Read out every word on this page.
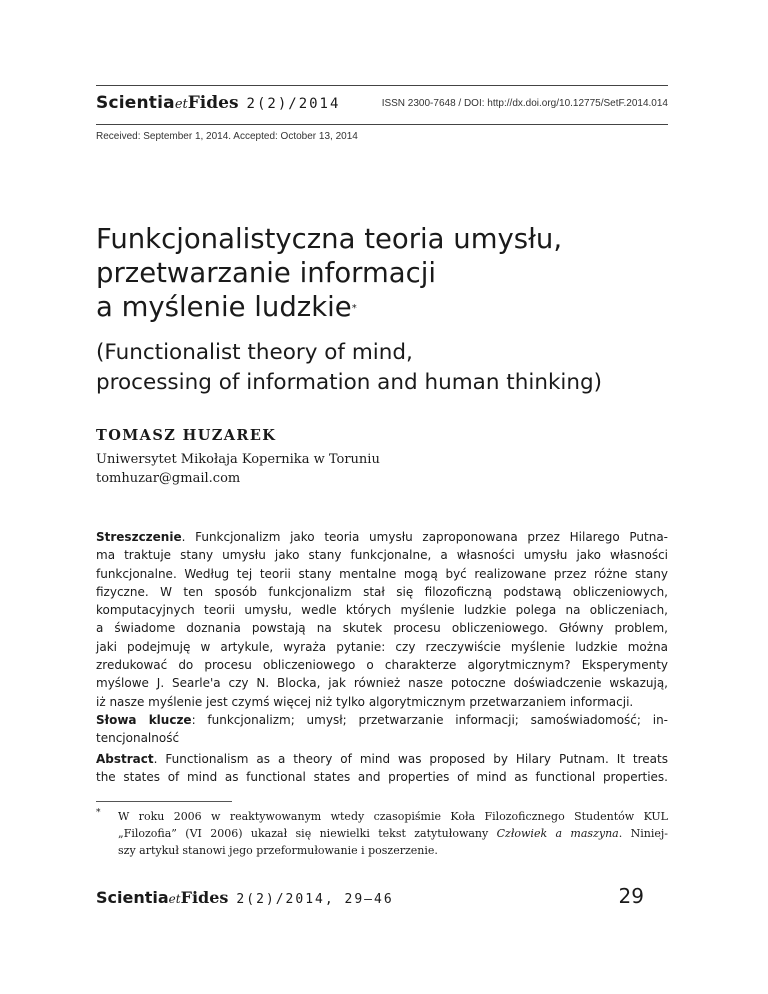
ScientiaetFides 2(2)/2014	ISSN 2300-7648 / DOI: http://dx.doi.org/10.12775/SetF.2014.014
Received: September 1, 2014. Accepted: October 13, 2014
Funkcjonalistyczna teoria umysłu,
przetwarzanie informacji
a myślenie ludzkie*
(Functionalist theory of mind,
processing of information and human thinking)
TOMASZ HUZAREK
Uniwersytet Mikołaja Kopernika w Toruniu
tomhuzar@gmail.com
Streszczenie. Funkcjonalizm jako teoria umysłu zaproponowana przez Hilarego Putna-
ma traktuje stany umysłu jako stany funkcjonalne, a własności umysłu jako własności
funkcjonalne. Według tej teorii stany mentalne mogą być realizowane przez różne stany
fizyczne. W ten sposób funkcjonalizm stał się filozoficzną podstawą obliczeniowych,
komputacyjnych teorii umysłu, wedle których myślenie ludzkie polega na obliczeniach,
a świadome doznania powstają na skutek procesu obliczeniowego. Główny problem,
jaki podejmuję w artykule, wyraża pytanie: czy rzeczywiście myślenie ludzkie można
zredukować do procesu obliczeniowego o charakterze algorytmicznym? Eksperymenty
myślowe J. Searle'a czy N. Blocka, jak również nasze potoczne doświadczenie wskazują,
iż nasze myślenie jest czymś więcej niż tylko algorytmicznym przetwarzaniem informacji.
Słowa klucze: funkcjonalizm; umysł; przetwarzanie informacji; samoświadomość; in-
tencjonalność
Abstract. Functionalism as a theory of mind was proposed by Hilary Putnam. It treats
the states of mind as functional states and properties of mind as functional properties.
* W roku 2006 w reaktywowanym wtedy czasopiśmie Koła Filozoficznego Studentów KUL
„Filozofia” (VI 2006) ukazał się niewielki tekst zatytułowany Człowiek a maszyna. Niniej-
szy artykuł stanowi jego przeformułowanie i poszerzenie.
ScientiaetFides 2(2)/2014, 29–46	29
